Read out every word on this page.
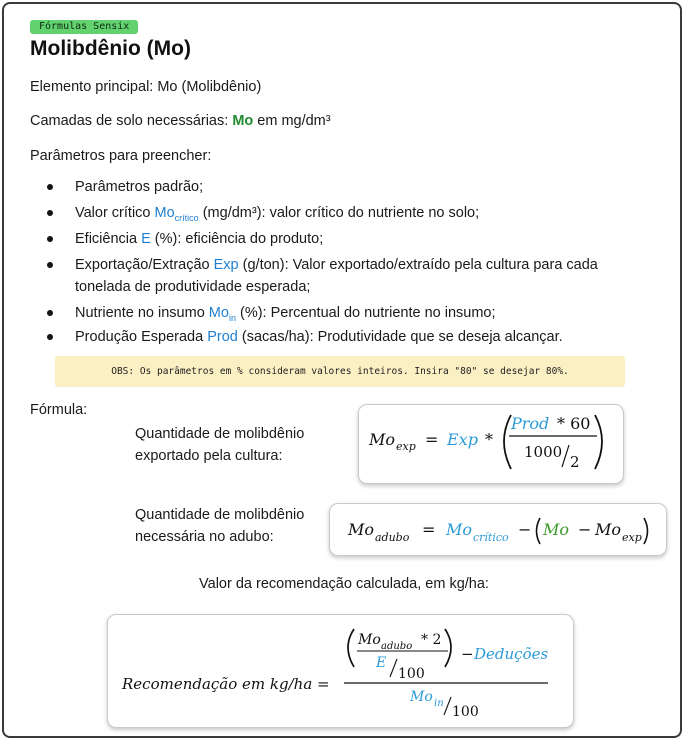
Fórmulas Sensix
Molibdênio (Mo)

Elemento principal: Mo (Molibdênio)

Camadas de solo necessárias: Mo em mg/dm³

Parâmetros para preencher:

Parâmetros padrão;
Valor crítico $Mo_{crítico}$ (mg/dm³): valor crítico do nutriente no solo;
Eficiência E (%): eficiência do produto;
Exportação/Extração Exp (g/ton): Valor exportado/extraído pela cultura para cada tonelada de produtividade esperada;
Nutriente no insumo $Mo_{in}$ (%): Percentual do nutriente no insumo;
Produção Esperada Prod (sacas/ha): Produtividade que se deseja alcançar.
OBS: Os parâmetros em % consideram valores inteiros. Insira "80" se desejar 80%.
Fórmula:
Quantidade de molibdênio
exportado pela cultura:
Mo exp = Exp *
Prod * 60
1000
2
Quantidade de molibdênio
necessária no adubo:	Mo adubo = Mo crítico − Mo − Mo exp
Valor da recomendação calculada, em kg/ha:
Recomendação em kg/ha =
Mo adubo * 2
E
100
− Deduções
Mo in
100
